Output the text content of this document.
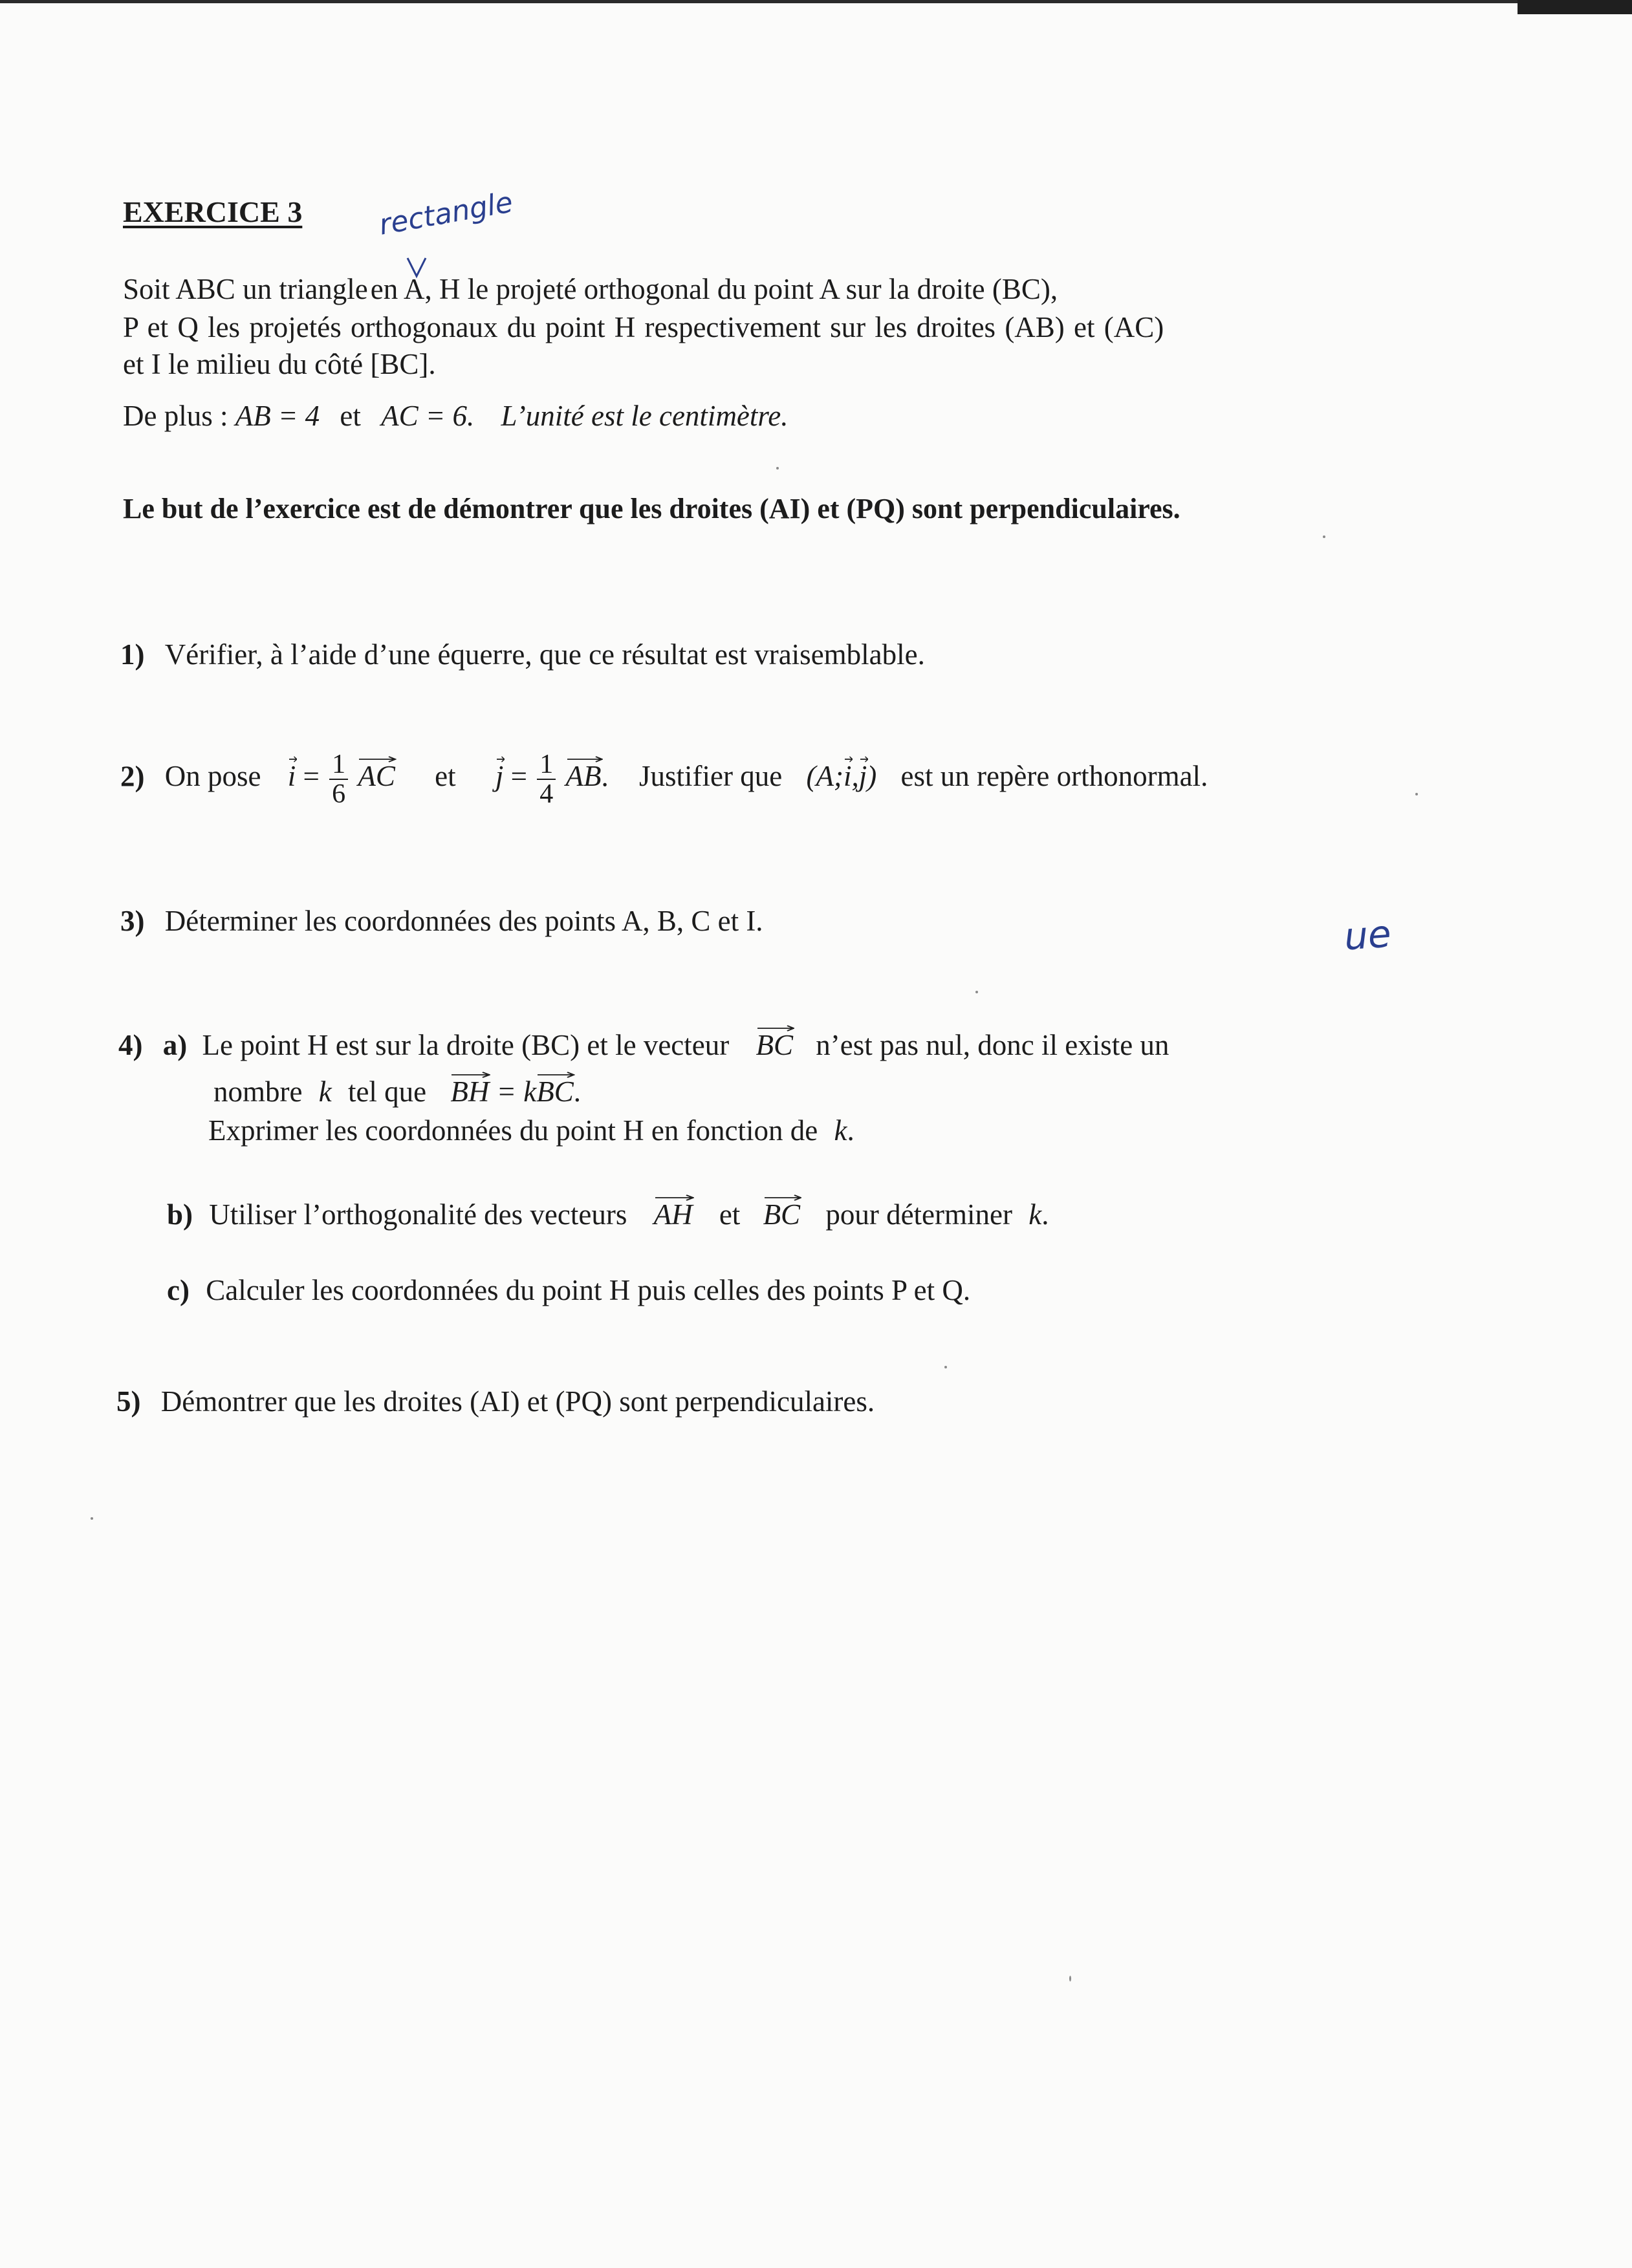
EXERCICE 3	rectangle
ue
Soit ABC un triangleen A, H le projeté orthogonal du point A sur la droite (BC),
P et Q les projetés orthogonaux du point H respectivement sur les droites (AB) et (AC)
et I le milieu du côté [BC].
De plus : AB = 4 et AC = 6. L’unité est le centimètre.
Le but de l’exercice est de démontrer que les droites (AI) et (PQ) sont perpendiculaires.
1) Vérifier, à l’aide d’une équerre, que ce résultat est vraisemblable.
2) On pose $i = \frac{1}{6}$ AC et $j = \frac{1}{4}$ AB
. Justifier que (A;i
,j
) est un repère orthonormal.
3) Déterminer les coordonnées des points A, B, C et I.
4) a) Le point H est sur la droite (BC) et le vecteur BC n’est pas nul, donc il existe un
nombre k tel que BH = kBC
.
Exprimer les coordonnées du point H en fonction de k.
b) Utiliser l’orthogonalité des vecteurs AH et BC pour déterminer k.
c) Calculer les coordonnées du point H puis celles des points P et Q.
5) Démontrer que les droites (AI) et (PQ) sont perpendiculaires.
